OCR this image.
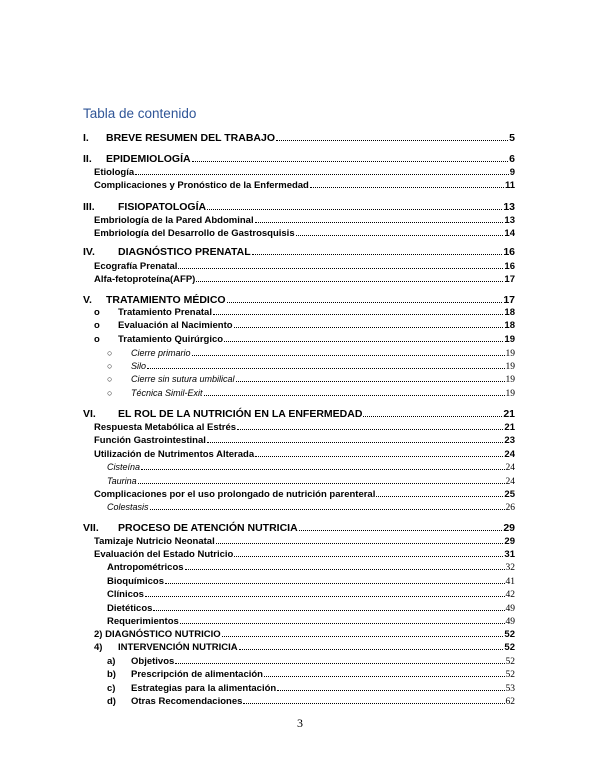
Tabla de contenido
I.	BREVE RESUMEN DEL TRABAJO	5
II.	EPIDEMIOLOGÍA	6
Etiología	9
Complicaciones y Pronóstico de la Enfermedad	11
III.	FISIOPATOLOGÍA	13
Embriología de la Pared Abdominal	13
Embriología del Desarrollo de Gastrosquisis	14
IV.	DIAGNÓSTICO PRENATAL	16
Ecografía Prenatal	16
Alfa-fetoproteína(AFP)	17
V.	TRATAMIENTO MÉDICO	17
o	Tratamiento Prenatal	18
o	Evaluación al Nacimiento	18
o	Tratamiento Quirúrgico	19
○	Cierre primario	19
○	Silo	19
○	Cierre sin sutura umbilical	19
○	Técnica Simil-Exit	19
VI.	EL ROL DE LA NUTRICIÓN EN LA ENFERMEDAD	21
Respuesta Metabólica al Estrés	21
Función Gastrointestinal	23
Utilización de Nutrimentos Alterada	24
Cisteína	24
Taurina	24
Complicaciones por el uso prolongado de nutrición parenteral	25
Colestasis	26
VII.	PROCESO DE ATENCIÓN NUTRICIA	29
Tamizaje Nutricio Neonatal	29
Evaluación del Estado Nutricio	31
Antropométricos	32
Bioquímicos	41
Clínicos	42
Dietéticos	49
Requerimientos	49
2) DIAGNÓSTICO NUTRICIO	52
4)	INTERVENCIÓN NUTRICIA	52
a)	Objetivos	52
b)	Prescripción de alimentación	52
c)	Estrategias para la alimentación	53
d)	Otras Recomendaciones	62
3
